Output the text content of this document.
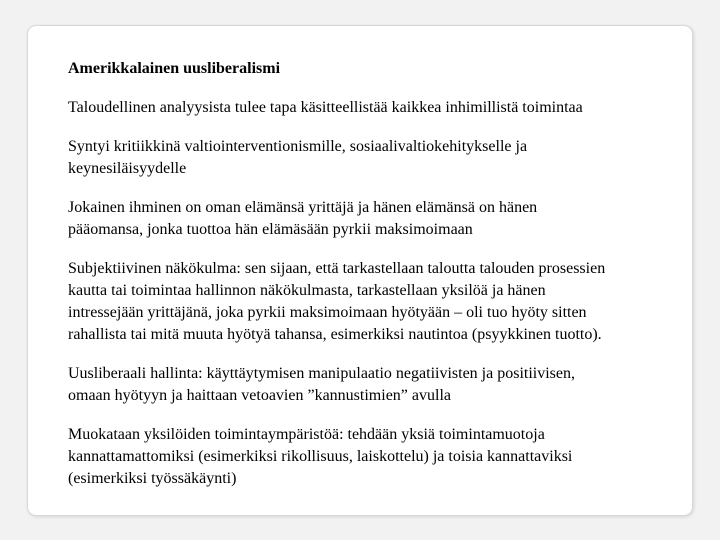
Amerikkalainen uusliberalismi

Taloudellinen analyysista tulee tapa käsitteellistää kaikkea inhimillistä toimintaa

Syntyi kritiikkinä valtiointerventionismille, sosiaalivaltiokehitykselle ja
keynesiläisyydelle

Jokainen ihminen on oman elämänsä yrittäjä ja hänen elämänsä on hänen
pääomansa, jonka tuottoa hän elämäsään pyrkii maksimoimaan

Subjektiivinen näkökulma: sen sijaan, että tarkastellaan taloutta talouden prosessien
kautta tai toimintaa hallinnon näkökulmasta, tarkastellaan yksilöä ja hänen
intressejään yrittäjänä, joka pyrkii maksimoimaan hyötyään – oli tuo hyöty sitten
rahallista tai mitä muuta hyötyä tahansa, esimerkiksi nautintoa (psyykkinen tuotto).

Uusliberaali hallinta: käyttäytymisen manipulaatio negatiivisten ja positiivisen,
omaan hyötyyn ja haittaan vetoavien ”kannustimien” avulla

Muokataan yksilöiden toimintaympäristöä: tehdään yksiä toimintamuotoja
kannattamattomiksi (esimerkiksi rikollisuus, laiskottelu) ja toisia kannattaviksi
(esimerkiksi työssäkäynti)
